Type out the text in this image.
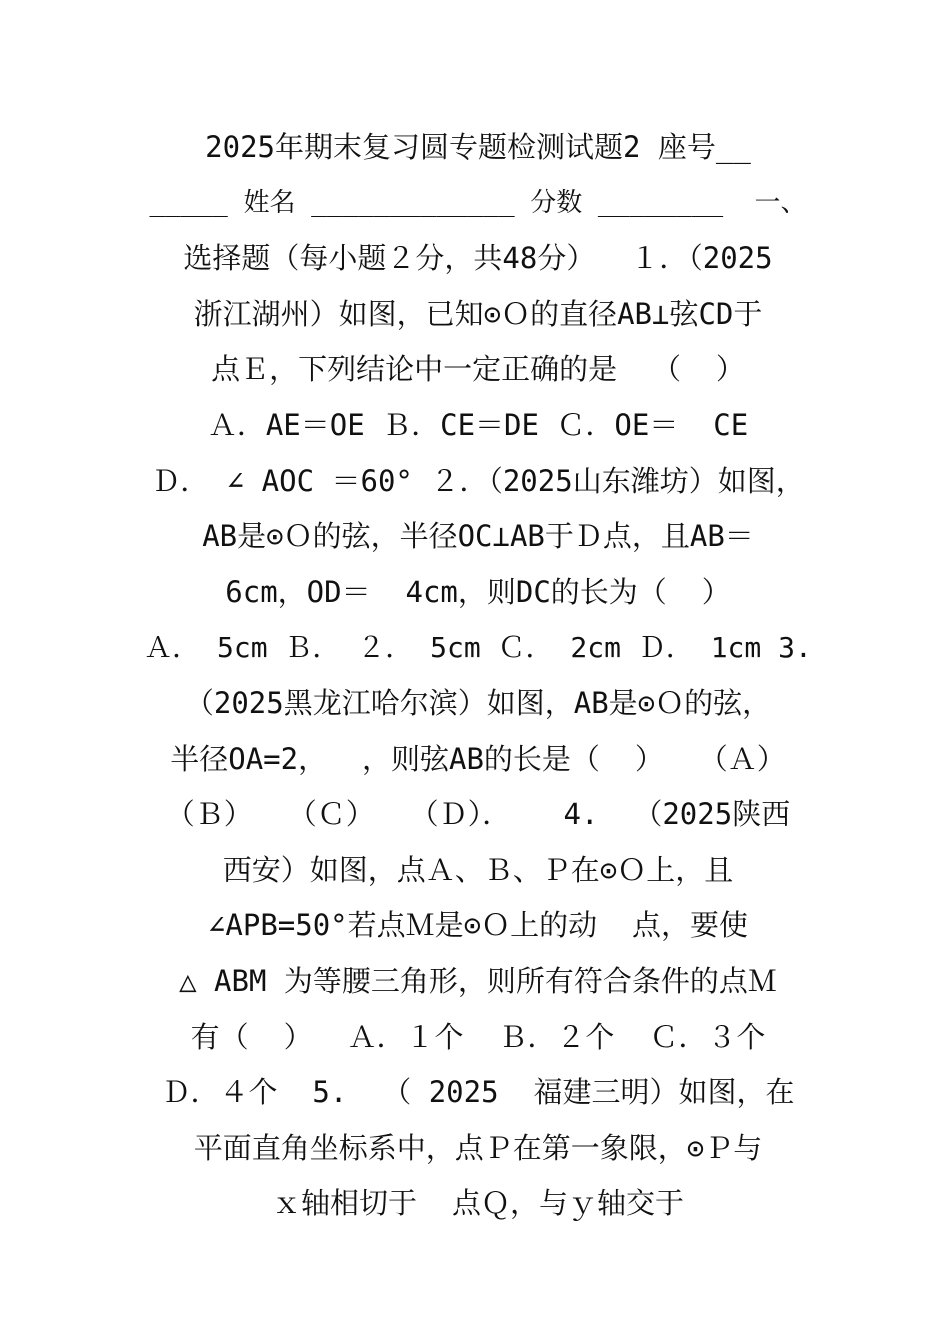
2025年期末复习圆专题检测试题2 座号__
_____ 姓名 _____________ 分数 ________  一、
选择题（每小题２分，共48分）  １．（2025
浙江湖州）如图，已知⊙Ｏ的直径AB⊥弦CD于
点Ｅ，下列结论中一定正确的是  （  ）
Ａ．AE＝OE Ｂ．CE＝DE Ｃ．OE＝  CE
Ｄ． ∠ AOC ＝60° ２．（2025山东潍坊）如图，
AB是⊙Ｏ的弦，半径OC⊥AB于Ｄ点，且AB＝
6cm，OD＝  4cm，则DC的长为（  ）
Ａ． 5cm Ｂ． ２． 5cm Ｃ． 2cm Ｄ． 1cm 3.
（2025黑龙江哈尔滨）如图，AB是⊙Ｏ的弦，
半径OA=2，  ，则弦AB的长是（  ）  （Ａ）
（Ｂ）  （Ｃ）  （Ｄ）．   4.  （2025陕西
西安）如图，点Ａ、Ｂ、Ｐ在⊙Ｏ上，且
∠APB=50°若点Ｍ是⊙Ｏ上的动  点，要使
△ ABM 为等腰三角形，则所有符合条件的点Ｍ
有（  ）  Ａ．１个  Ｂ．２个  Ｃ．３个
Ｄ．４个  5.  （ 2025  福建三明）如图，在
平面直角坐标系中，点Ｐ在第一象限，⊙Ｐ与
ｘ轴相切于  点Ｑ，与ｙ轴交于
